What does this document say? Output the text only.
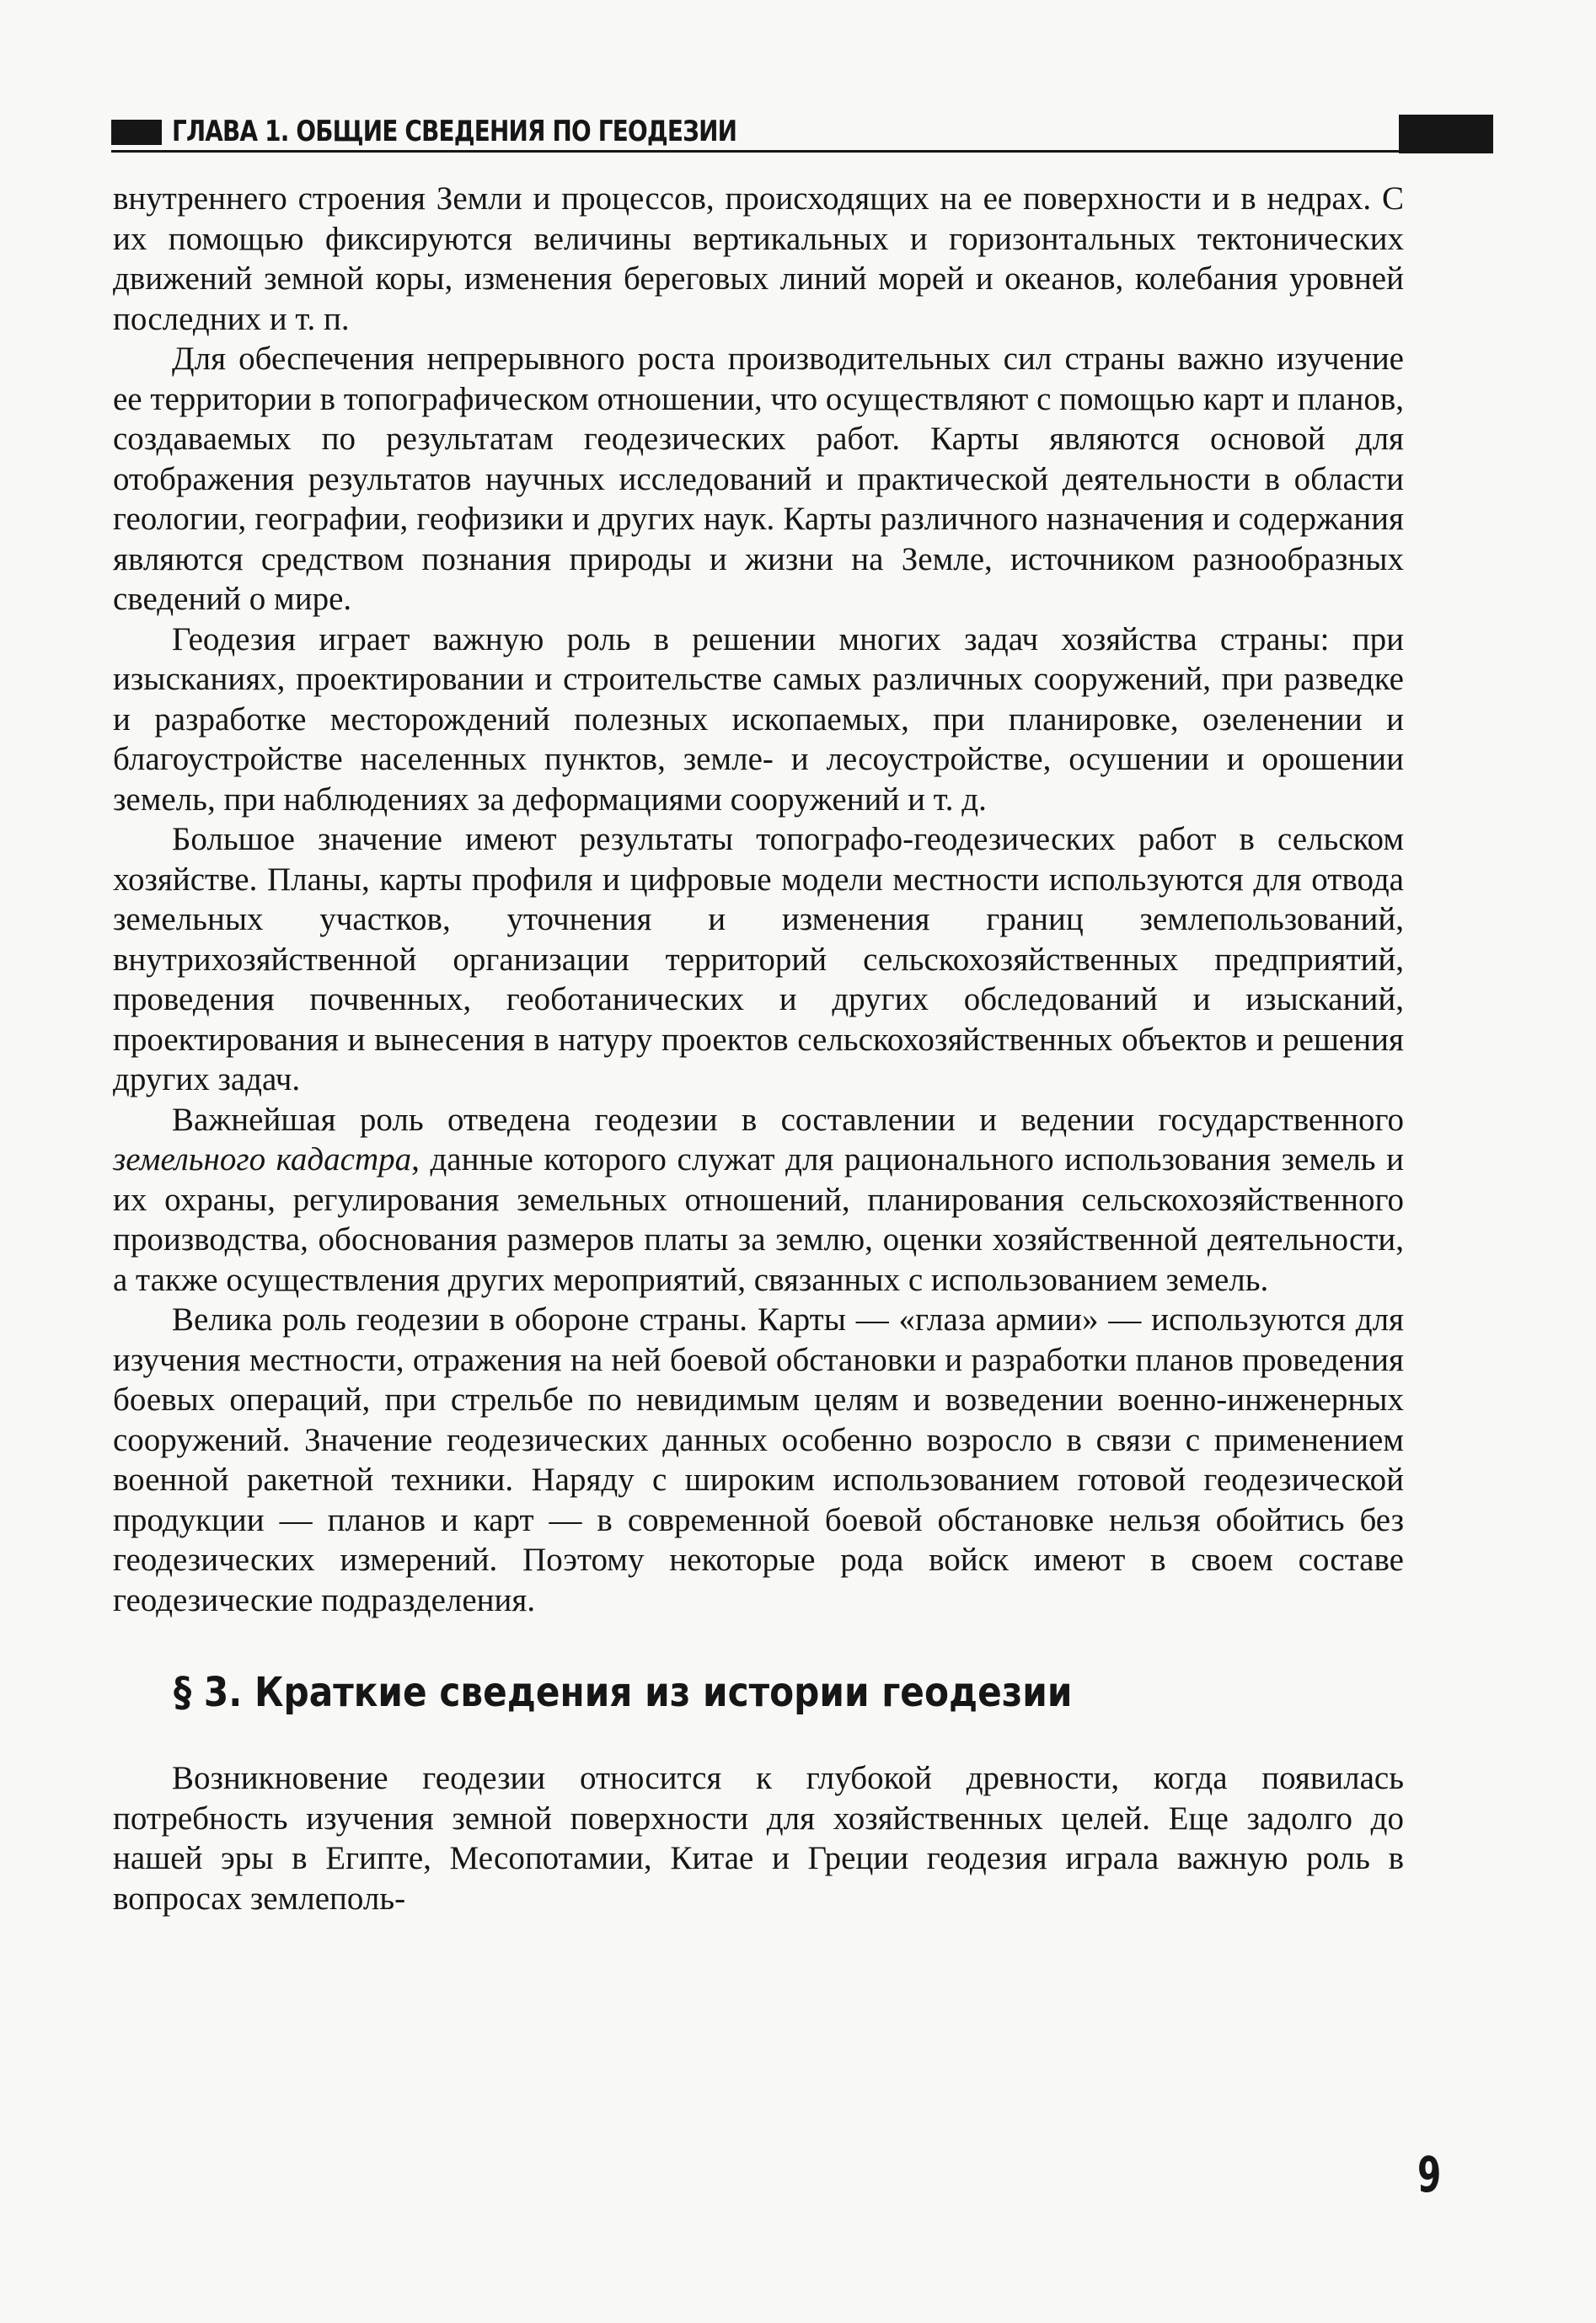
ГЛАВА 1. ОБЩИЕ СВЕДЕНИЯ ПО ГЕОДЕЗИИ

внутреннего строения Земли и процессов, происходящих на ее поверхности и в недрах. С их помощью фиксируются величины вертикальных и горизонтальных тектонических движений земной коры, изменения береговых линий морей и океанов, колебания уровней последних и т. п.

Для обеспечения непрерывного роста производительных сил страны важно изучение ее территории в топографическом отношении, что осуществляют с помощью карт и планов, создаваемых по результатам геодезических работ. Карты являются основой для отображения результатов научных исследований и практической деятельности в области геологии, географии, геофизики и других наук. Карты различного назначения и содержания являются средством познания природы и жизни на Земле, источником разнообразных сведений о мире.

Геодезия играет важную роль в решении многих задач хозяйства страны: при изысканиях, проектировании и строительстве самых различных сооружений, при разведке и разработке месторождений полезных ископаемых, при планировке, озеленении и благоустройстве населенных пунктов, земле- и лесоустройстве, осушении и орошении земель, при наблюдениях за деформациями сооружений и т. д.

Большое значение имеют результаты топографо-геодезических работ в сельском хозяйстве. Планы, карты профиля и цифровые модели местности используются для отвода земельных участков, уточнения и изменения границ землепользований, внутрихозяйственной организации территорий сельскохозяйственных предприятий, проведения почвенных, геоботанических и других обследований и изысканий, проектирования и вынесения в натуру проектов сельскохозяйственных объектов и решения других задач.

Важнейшая роль отведена геодезии в составлении и ведении государственного земельного кадастра, данные которого служат для рационального использования земель и их охраны, регулирования земельных отношений, планирования сельскохозяйственного производства, обоснования размеров платы за землю, оценки хозяйственной деятельности, а также осуществления других мероприятий, связанных с использованием земель.

Велика роль геодезии в обороне страны. Карты — «глаза армии» — используются для изучения местности, отражения на ней боевой обстановки и разработки планов проведения боевых операций, при стрельбе по невидимым целям и возведении военно-инженерных сооружений. Значение геодезических данных особенно возросло в связи с применением военной ракетной техники. Наряду с широким использованием готовой геодезической продукции — планов и карт — в современной боевой обстановке нельзя обойтись без геодезических измерений. Поэтому некоторые рода войск имеют в своем составе геодезические подразделения.

§ 3. Краткие сведения из истории геодезии

Возникновение геодезии относится к глубокой древности, когда появилась потребность изучения земной поверхности для хозяйственных целей. Еще задолго до нашей эры в Египте, Месопотамии, Китае и Греции геодезия играла важную роль в вопросах землеполь-

9
